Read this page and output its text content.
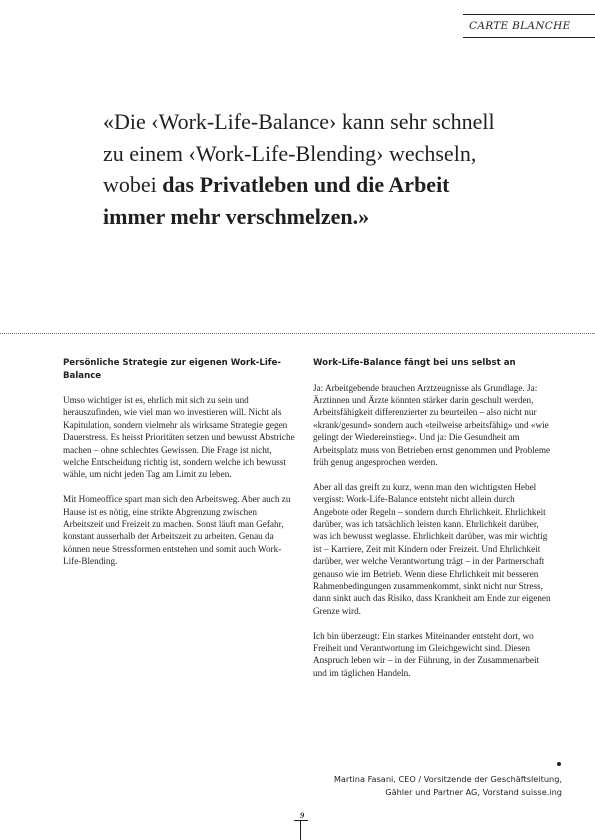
CARTE BLANCHE
«Die ‹Work-Life-Balance› kann sehr schnell zu einem ‹Work-Life-Blending› wechseln, wobei das Privatleben und die Arbeit immer mehr verschmelzen.»
Persönliche Strategie zur eigenen Work-Life-Balance

Umso wichtiger ist es, ehrlich mit sich zu sein und herauszufinden, wie viel man wo investieren will. Nicht als Kapitulation, sondern vielmehr als wirksame Strategie gegen Dauerstress. Es heisst Prioritäten setzen und bewusst Abstriche machen – ohne schlechtes Gewissen. Die Frage ist nicht, welche Entscheidung richtig ist, sondern welche ich bewusst wähle, um nicht jeden Tag am Limit zu leben.

Mit Homeoffice spart man sich den Arbeitsweg. Aber auch zu Hause ist es nötig, eine strikte Abgrenzung zwischen Arbeitszeit und Freizeit zu machen. Sonst läuft man Gefahr, konstant ausserhalb der Arbeitszeit zu arbeiten. Genau da können neue Stressformen entstehen und somit auch Work-Life-Blending.

Work-Life-Balance fängt bei uns selbst an

Ja: Arbeitgebende brauchen Arztzeugnisse als Grundlage. Ja: Ärztinnen und Ärzte könnten stärker darin geschult werden, Arbeitsfähigkeit differenzierter zu beurteilen – also nicht nur «krank/gesund» sondern auch «teilweise arbeitsfähig» und «wie gelingt der Wiedereinstieg». Und ja: Die Gesundheit am Arbeitsplatz muss von Betrieben ernst genommen und Probleme früh genug angesprochen werden.

Aber all das greift zu kurz, wenn man den wichtigsten Hebel vergisst: Work-Life-Balance entsteht nicht allein durch Angebote oder Regeln – sondern durch Ehrlichkeit. Ehrlichkeit darüber, was ich tatsächlich leisten kann. Ehrlichkeit darüber, was ich bewusst weglasse. Ehrlichkeit darüber, was mir wichtig ist – Karriere, Zeit mit Kindern oder Freizeit. Und Ehrlichkeit darüber, wer welche Verantwortung trägt – in der Partnerschaft genauso wie im Betrieb. Wenn diese Ehrlichkeit mit besseren Rahmenbedingungen zusammenkommt, sinkt nicht nur Stress, dann sinkt auch das Risiko, dass Krankheit am Ende zur eigenen Grenze wird.

Ich bin überzeugt: Ein starkes Miteinander entsteht dort, wo Freiheit und Verantwortung im Gleichgewicht sind. Diesen Anspruch leben wir – in der Führung, in der Zusammenarbeit und im täglichen Handeln.

Martina Fasani, CEO / Vorsitzende der Geschäftsleitung,
Gähler und Partner AG, Vorstand suisse.ing
9
